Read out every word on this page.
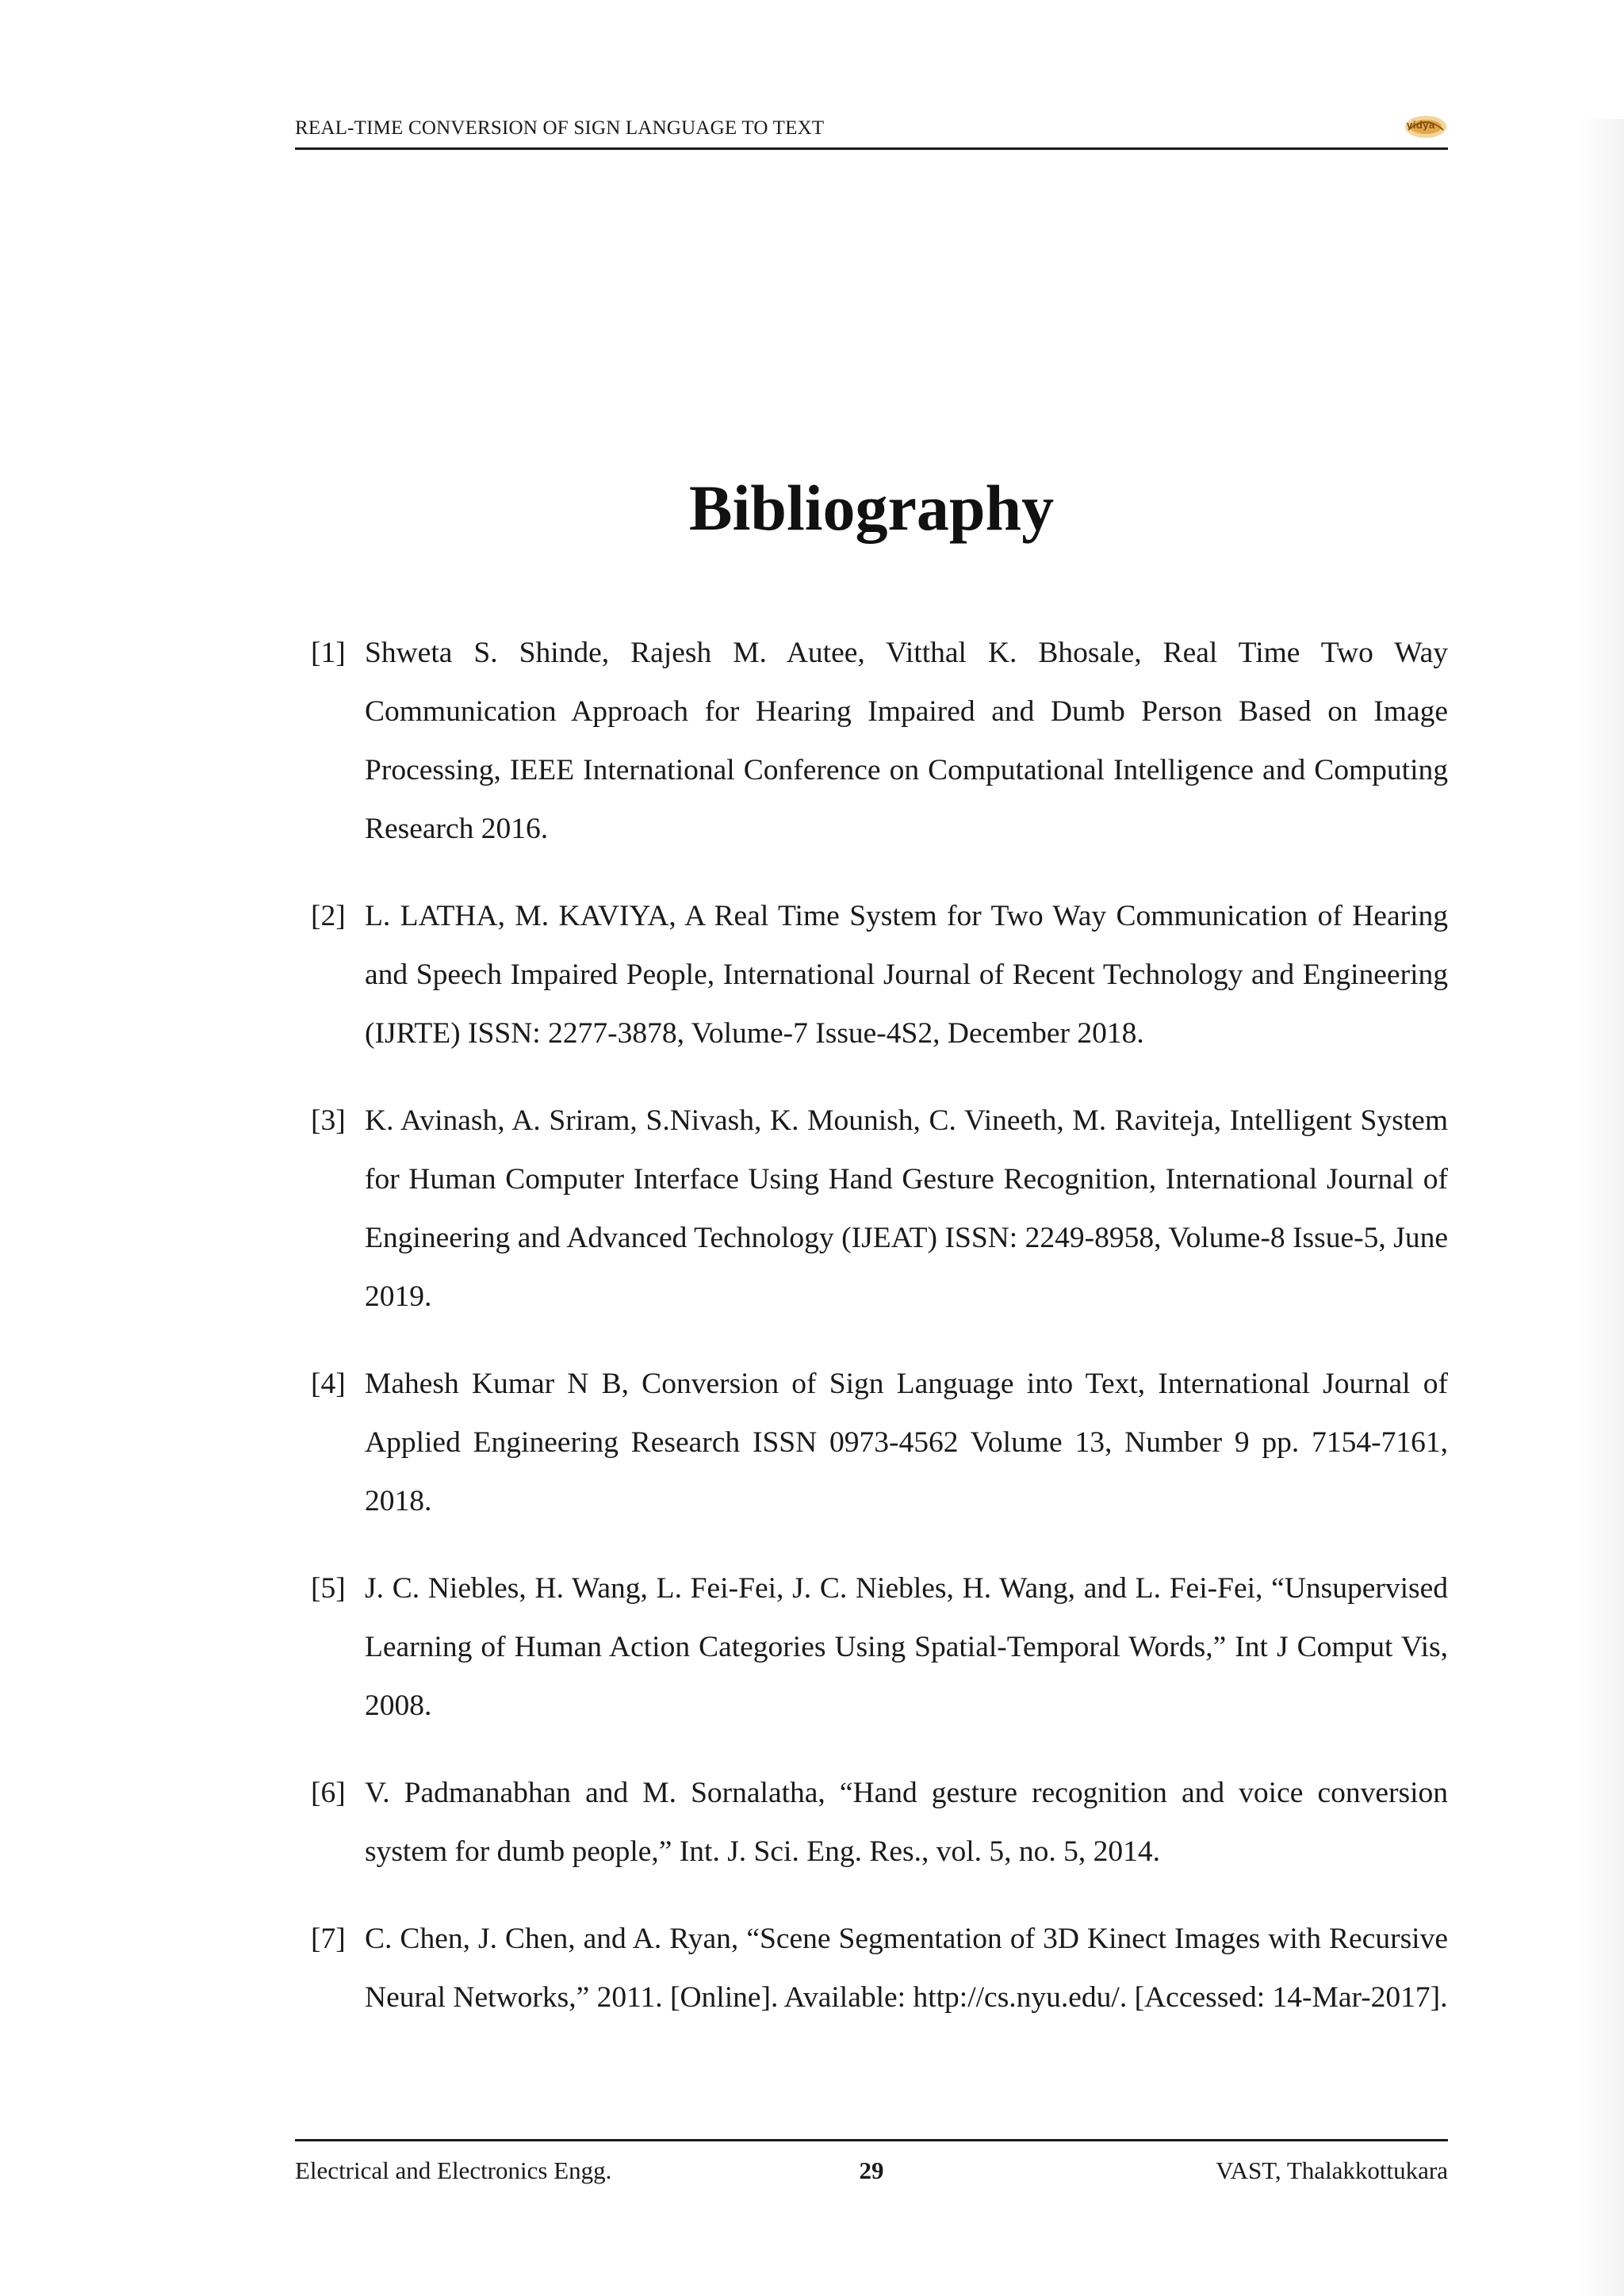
REAL-TIME CONVERSION OF SIGN LANGUAGE TO TEXT	vidya
Bibliography
[1] Shweta S. Shinde, Rajesh M. Autee, Vitthal K. Bhosale, Real Time Two Way Communication Approach for Hearing Impaired and Dumb Person Based on Image Processing, IEEE International Conference on Computational Intelligence and Computing Research 2016.
[2] L. LATHA, M. KAVIYA, A Real Time System for Two Way Communication of Hearing and Speech Impaired People, International Journal of Recent Technology and Engineering (IJRTE) ISSN: 2277-3878, Volume-7 Issue-4S2, December 2018.
[3] K. Avinash, A. Sriram, S.Nivash, K. Mounish, C. Vineeth, M. Raviteja, Intelligent System for Human Computer Interface Using Hand Gesture Recognition, International Journal of Engineering and Advanced Technology (IJEAT) ISSN: 2249-8958, Volume-8 Issue-5, June 2019.
[4] Mahesh Kumar N B, Conversion of Sign Language into Text, International Journal of Applied Engineering Research ISSN 0973-4562 Volume 13, Number 9 pp. 7154-7161, 2018.
[5] J. C. Niebles, H. Wang, L. Fei-Fei, J. C. Niebles, H. Wang, and L. Fei-Fei, “Unsupervised Learning of Human Action Categories Using Spatial-Temporal Words,” Int J Comput Vis, 2008.
[6] V. Padmanabhan and M. Sornalatha, “Hand gesture recognition and voice conversion system for dumb people,” Int. J. Sci. Eng. Res., vol. 5, no. 5, 2014.
[7] C. Chen, J. Chen, and A. Ryan, “Scene Segmentation of 3D Kinect Images with Recursive Neural Networks,” 2011. [Online]. Available: http://cs.nyu.edu/. [Accessed: 14-Mar-2017].
Electrical and Electronics Engg.	29	VAST, Thalakkottukara
